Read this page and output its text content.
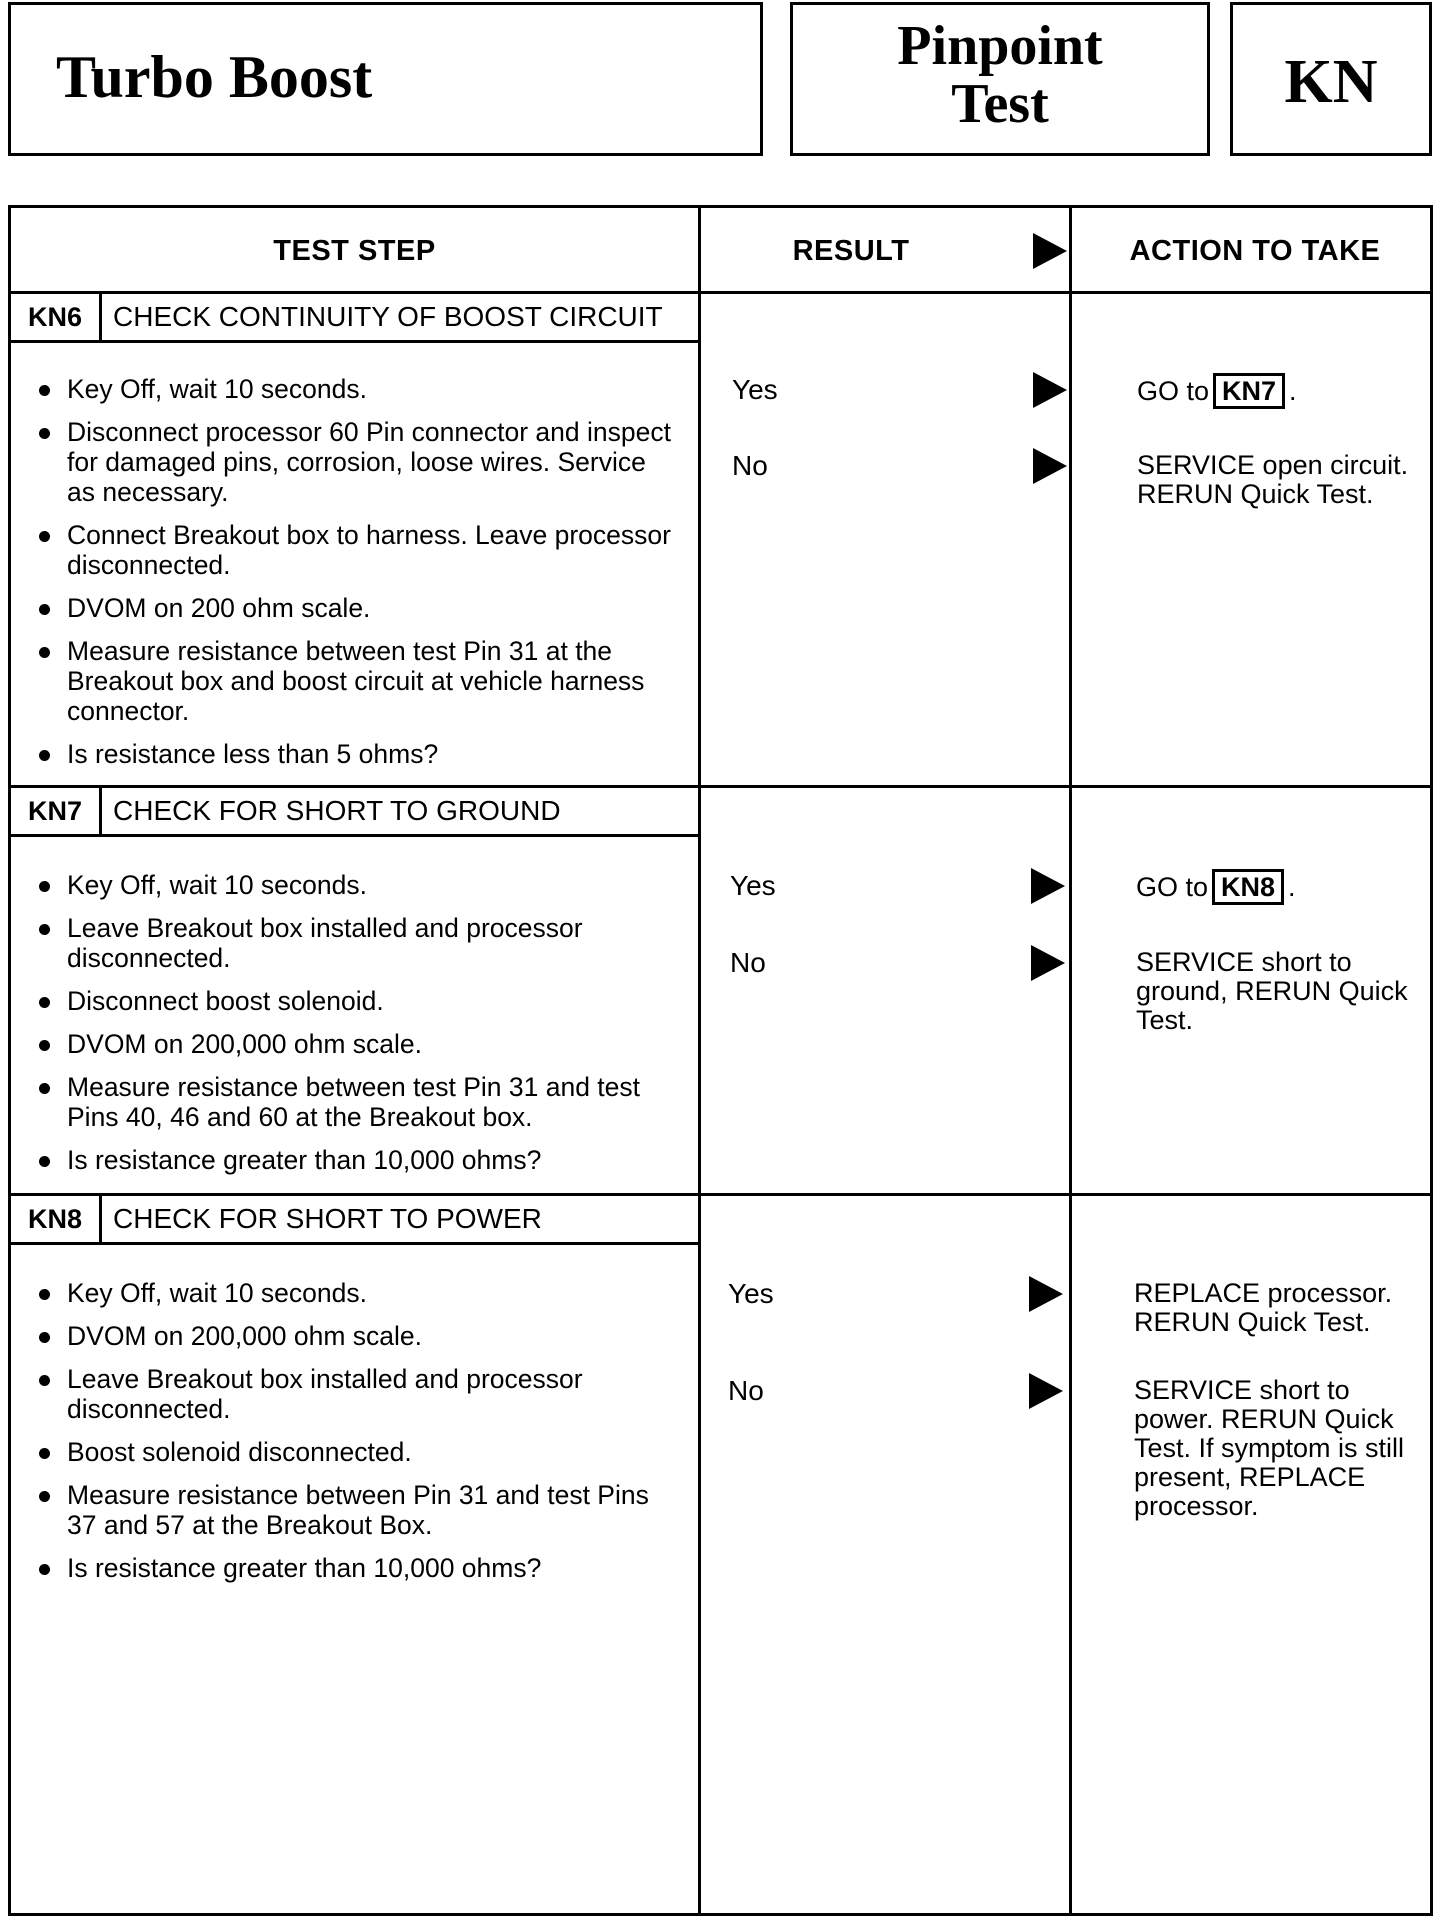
Turbo Boost	Pinpoint
Test	KN
TEST STEP	RESULT	ACTION TO TAKE
KN6	CHECK CONTINUITY OF BOOST CIRCUIT
Key Off, wait 10 seconds.
Disconnect processor 60 Pin connector and inspect for damaged pins, corrosion, loose wires. Service as necessary.
Connect Breakout box to harness. Leave processor disconnected.
DVOM on 200 ohm scale.
Measure resistance between test Pin 31 at the Breakout box and boost circuit at vehicle harness connector.
Is resistance less than 5 ohms?
Yes	GO to KN7 .
No	SERVICE open circuit. RERUN Quick Test.
KN7	CHECK FOR SHORT TO GROUND
Key Off, wait 10 seconds.
Leave Breakout box installed and processor disconnected.
Disconnect boost solenoid.
DVOM on 200,000 ohm scale.
Measure resistance between test Pin 31 and test Pins 40, 46 and 60 at the Breakout box.
Is resistance greater than 10,000 ohms?
Yes	GO to KN8 .
No	SERVICE short to ground, RERUN Quick Test.
KN8	CHECK FOR SHORT TO POWER
Key Off, wait 10 seconds.
DVOM on 200,000 ohm scale.
Leave Breakout box installed and processor disconnected.
Boost solenoid disconnected.
Measure resistance between Pin 31 and test Pins 37 and 57 at the Breakout Box.
Is resistance greater than 10,000 ohms?
Yes	REPLACE processor. RERUN Quick Test.
No	SERVICE short to power. RERUN Quick Test. If symptom is still present, REPLACE processor.
